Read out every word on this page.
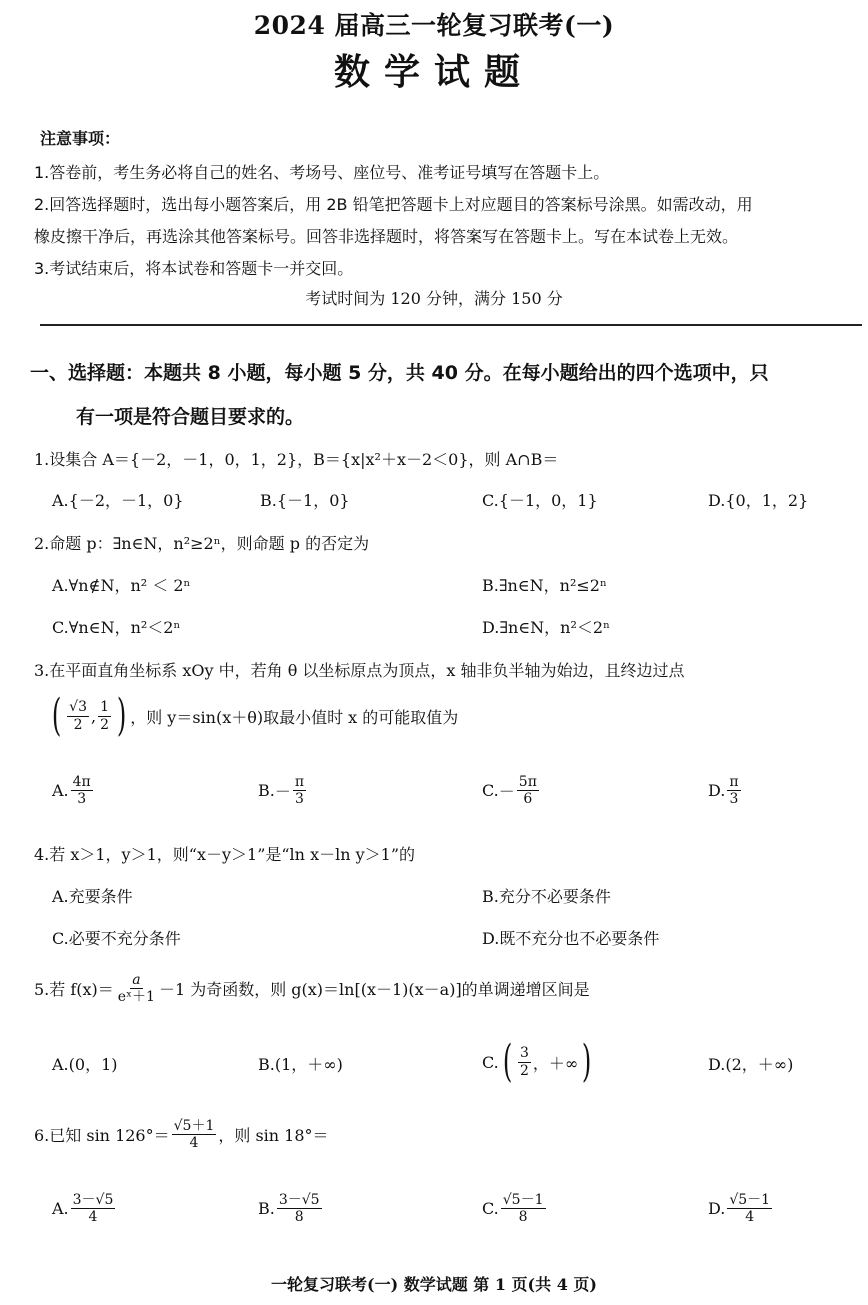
2024 届高三一轮复习联考(一)
数学试题
注意事项：
1.答卷前，考生务必将自己的姓名、考场号、座位号、准考证号填写在答题卡上。
2.回答选择题时，选出每小题答案后，用 2B 铅笔把答题卡上对应题目的答案标号涂黑。如需改动，用
橡皮擦干净后，再选涂其他答案标号。回答非选择题时，将答案写在答题卡上。写在本试卷上无效。
3.考试结束后，将本试卷和答题卡一并交回。
考试时间为 120 分钟，满分 150 分
一、选择题：本题共 8 小题，每小题 5 分，共 40 分。在每小题给出的四个选项中，只
有一项是符合题目要求的。
1.设集合 A＝{－2，－1，0，1，2}，B＝{x|x²＋x－2＜0}，则 A∩B＝
A.{－2，－1，0}	B.{－1，0}	C.{－1，0，1}	D.{0，1，2}
2.命题 p：∃n∈N，n²≥2ⁿ，则命题 p 的否定为
A.∀n∉N，n² ＜ 2ⁿ	B.∃n∈N，n²≤2ⁿ
C.∀n∈N，n²＜2ⁿ	D.∃n∈N，n²＜2ⁿ
3.在平面直角坐标系 xOy 中，若角 θ 以坐标原点为顶点，x 轴非负半轴为始边，且终边过点
( $\frac{√3}{2}$ , $\frac{1}{2}$ ) ，则 y＝sin(x＋θ)取最小值时 x 的可能取值为
A. $\frac{4\pi}{3}$	B. － $\frac{\pi}{3}$	C. － $\frac{5\pi}{6}$	D. $\frac{\pi}{3}$
4.若 x＞1，y＞1，则“x－y＞1”是“ln x－ln y＞1”的
A.充要条件	B.充分不必要条件
C.必要不充分条件	D.既不充分也不必要条件
5.若 $f(x)= \frac{a}{\text{eˣ＋1}} -1$ 为奇函数，则 g(x)＝ln[(x－1)(x－a)]的单调递增区间是
A.(0，1)	B.(1，＋∞)	C. ( $\frac{3}{2}$ ，＋∞ )	D.(2，＋∞)
6.已知 $\sin 126^\circ= \frac{√5+1}{4}$ ，则 sin 18°＝
A. $\frac{3-√5}{4}$	B. $\frac{3-√5}{8}$	C. $\frac{√5-1}{8}$	D. $\frac{√5-1}{4}$
一轮复习联考(一) 数学试题 第 1 页(共 4 页)
